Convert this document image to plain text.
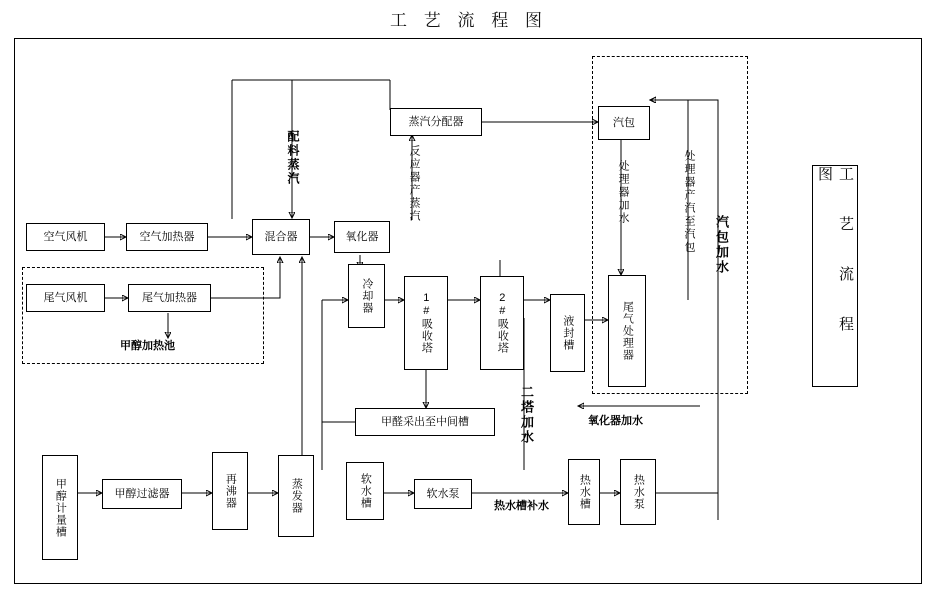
工 艺 流 程 图
空气风机	空气加热器
尾气风机	尾气加热器
混合器	氧化器
蒸汽分配器	汽包
冷却器	1#吸收塔	2#吸收塔	液封槽	尾气处理器
甲醛采出至中间槽
甲醇计量槽	甲醇过滤器	再沸器	蒸发器	软水槽	软水泵	热水槽	热水泵
配料蒸汽	反应器产蒸汽	处理器加水	处理器产汽至汽包	汽包加水
甲醇加热池
二塔加水	氧化器加水
热水槽补水
工 艺 流 程 图
